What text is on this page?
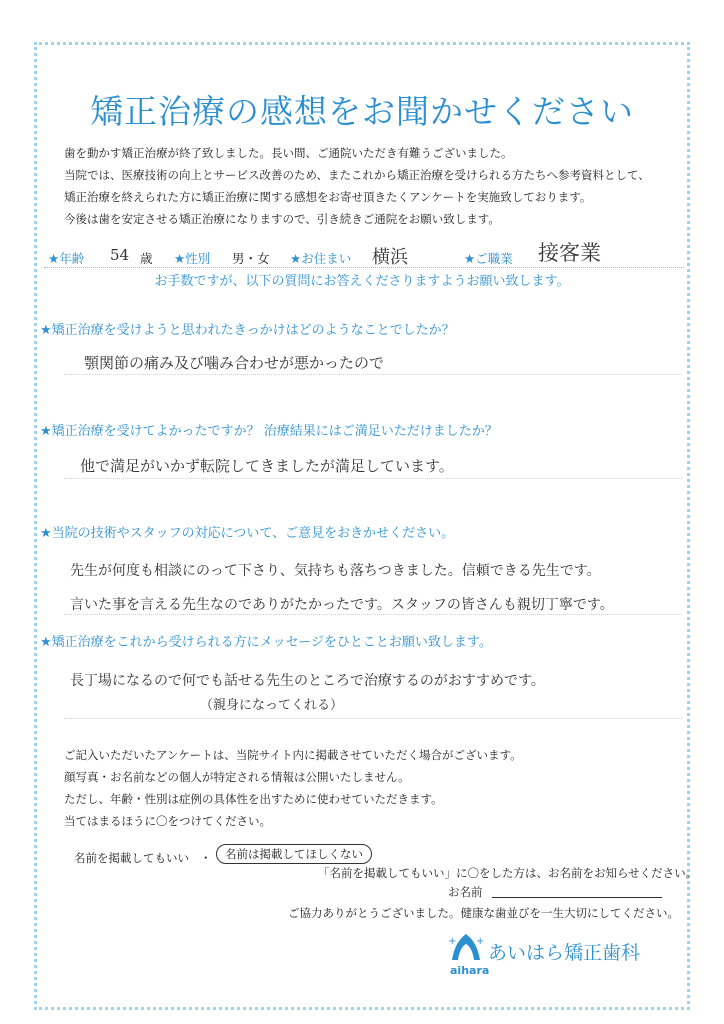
矯正治療の感想をお聞かせください
歯を動かす矯正治療が終了致しました。長い間、ご通院いただき有難うございました。
当院では、医療技術の向上とサービス改善のため、またこれから矯正治療を受けられる方たちへ参考資料として、
矯正治療を終えられた方に矯正治療に関する感想をお寄せ頂きたくアンケートを実施致しております。
今後は歯を安定させる矯正治療になりますので、引き続きご通院をお願い致します。
★年齢 54 歳 ★性別 男・女 ★お住まい 横浜	★ご職業 接客業
お手数ですが、以下の質問にお答えくださりますようお願い致します。
★矯正治療を受けようと思われたきっかけはどのようなことでしたか？
顎関節の痛み及び噛み合わせが悪かったので
★矯正治療を受けてよかったですか？ 治療結果にはご満足いただけましたか？
他で満足がいかず転院してきましたが満足しています。
★当院の技術やスタッフの対応について、ご意見をおきかせください。
先生が何度も相談にのって下さり、気持ちも落ちつきました。信頼できる先生です。
言いた事を言える先生なのでありがたかったです。スタッフの皆さんも親切丁寧です。
★矯正治療をこれから受けられる方にメッセージをひとことお願い致します。
長丁場になるので何でも話せる先生のところで治療するのがおすすめです。
（親身になってくれる）
ご記入いただいたアンケートは、当院サイト内に掲載させていただく場合がございます。
顔写真・お名前などの個人が特定される情報は公開いたしません。
ただし、年齢・性別は症例の具体性を出すために使わせていただきます。
当てはまるほうに〇をつけてください。
名前を掲載してもいい ・	名前は掲載してほしくない
「名前を掲載してもいい」に〇をした方は、お名前をお知らせください。
お名前
ご協力ありがとうございました。健康な歯並びを一生大切にしてください。
+ +
あいはら矯正歯科
aihara
